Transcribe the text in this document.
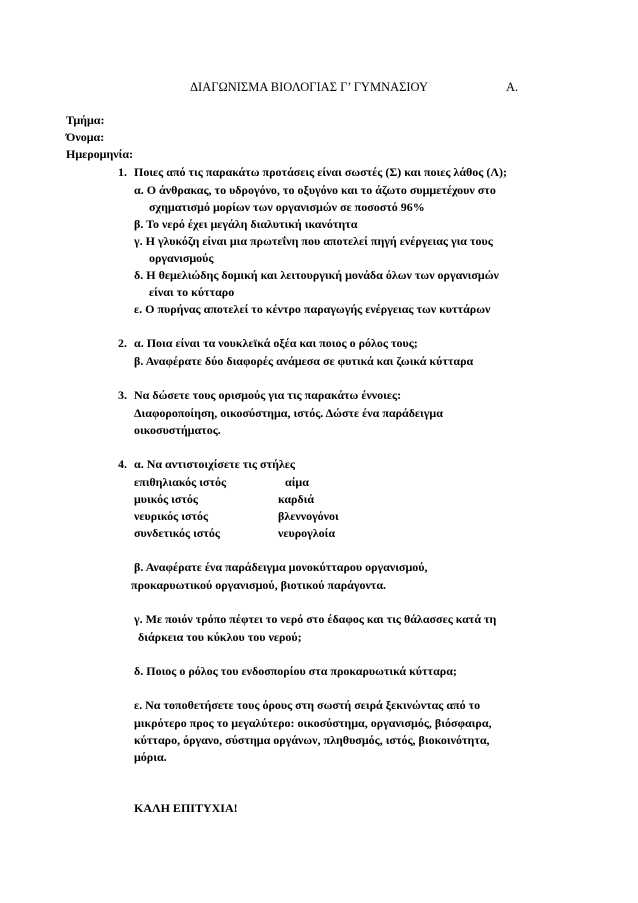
ΔΙΑΓΩΝΙΣΜΑ ΒΙΟΛΟΓΙΑΣ Γ’ ΓΥΜΝΑΣΙΟΥ	Α.
Τμήμα:
Όνομα:
Ημερομηνία:
1. Ποιες από τις παρακάτω προτάσεις είναι σωστές (Σ) και ποιες λάθος (Λ);
α. Ο άνθρακας, το υδρογόνο, το οξυγόνο και το άζωτο συμμετέχουν στο
σχηματισμό μορίων των οργανισμών σε ποσοστό 96%
β. Το νερό έχει μεγάλη διαλυτική ικανότητα
γ. Η γλυκόζη είναι μια πρωτεΐνη που αποτελεί πηγή ενέργειας για τους
οργανισμούς
δ. Η θεμελιώδης δομική και λειτουργική μονάδα όλων των οργανισμών
είναι το κύτταρο
ε. Ο πυρήνας αποτελεί το κέντρο παραγωγής ενέργειας των κυττάρων
2. α. Ποια είναι τα νουκλεϊκά οξέα και ποιος ο ρόλος τους;
β. Αναφέρατε δύο διαφορές ανάμεσα σε φυτικά και ζωικά κύτταρα
3. Να δώσετε τους ορισμούς για τις παρακάτω έννοιες:
Διαφοροποίηση, οικοσύστημα, ιστός. Δώστε ένα παράδειγμα
οικοσυστήματος.
4. α. Να αντιστοιχίσετε τις στήλες
επιθηλιακός ιστός	αίμα
μυικός ιστός	καρδιά
νευρικός ιστός	βλεννογόνοι
συνδετικός ιστός	νευρογλοία
β. Αναφέρατε ένα παράδειγμα μονοκύτταρου οργανισμού,
προκαρυωτικού οργανισμού, βιοτικού παράγοντα.
γ. Με ποιόν τρόπο πέφτει το νερό στο έδαφος και τις θάλασσες κατά τη
διάρκεια του κύκλου του νερού;
δ. Ποιος ο ρόλος του ενδοσπορίου στα προκαρυωτικά κύτταρα;
ε. Να τοποθετήσετε τους όρους στη σωστή σειρά ξεκινώντας από το
μικρότερο προς το μεγαλύτερο: οικοσύστημα, οργανισμός, βιόσφαιρα,
κύτταρο, όργανο, σύστημα οργάνων, πληθυσμός, ιστός, βιοκοινότητα,
μόρια.
ΚΑΛΗ ΕΠΙΤΥΧΙΑ!
